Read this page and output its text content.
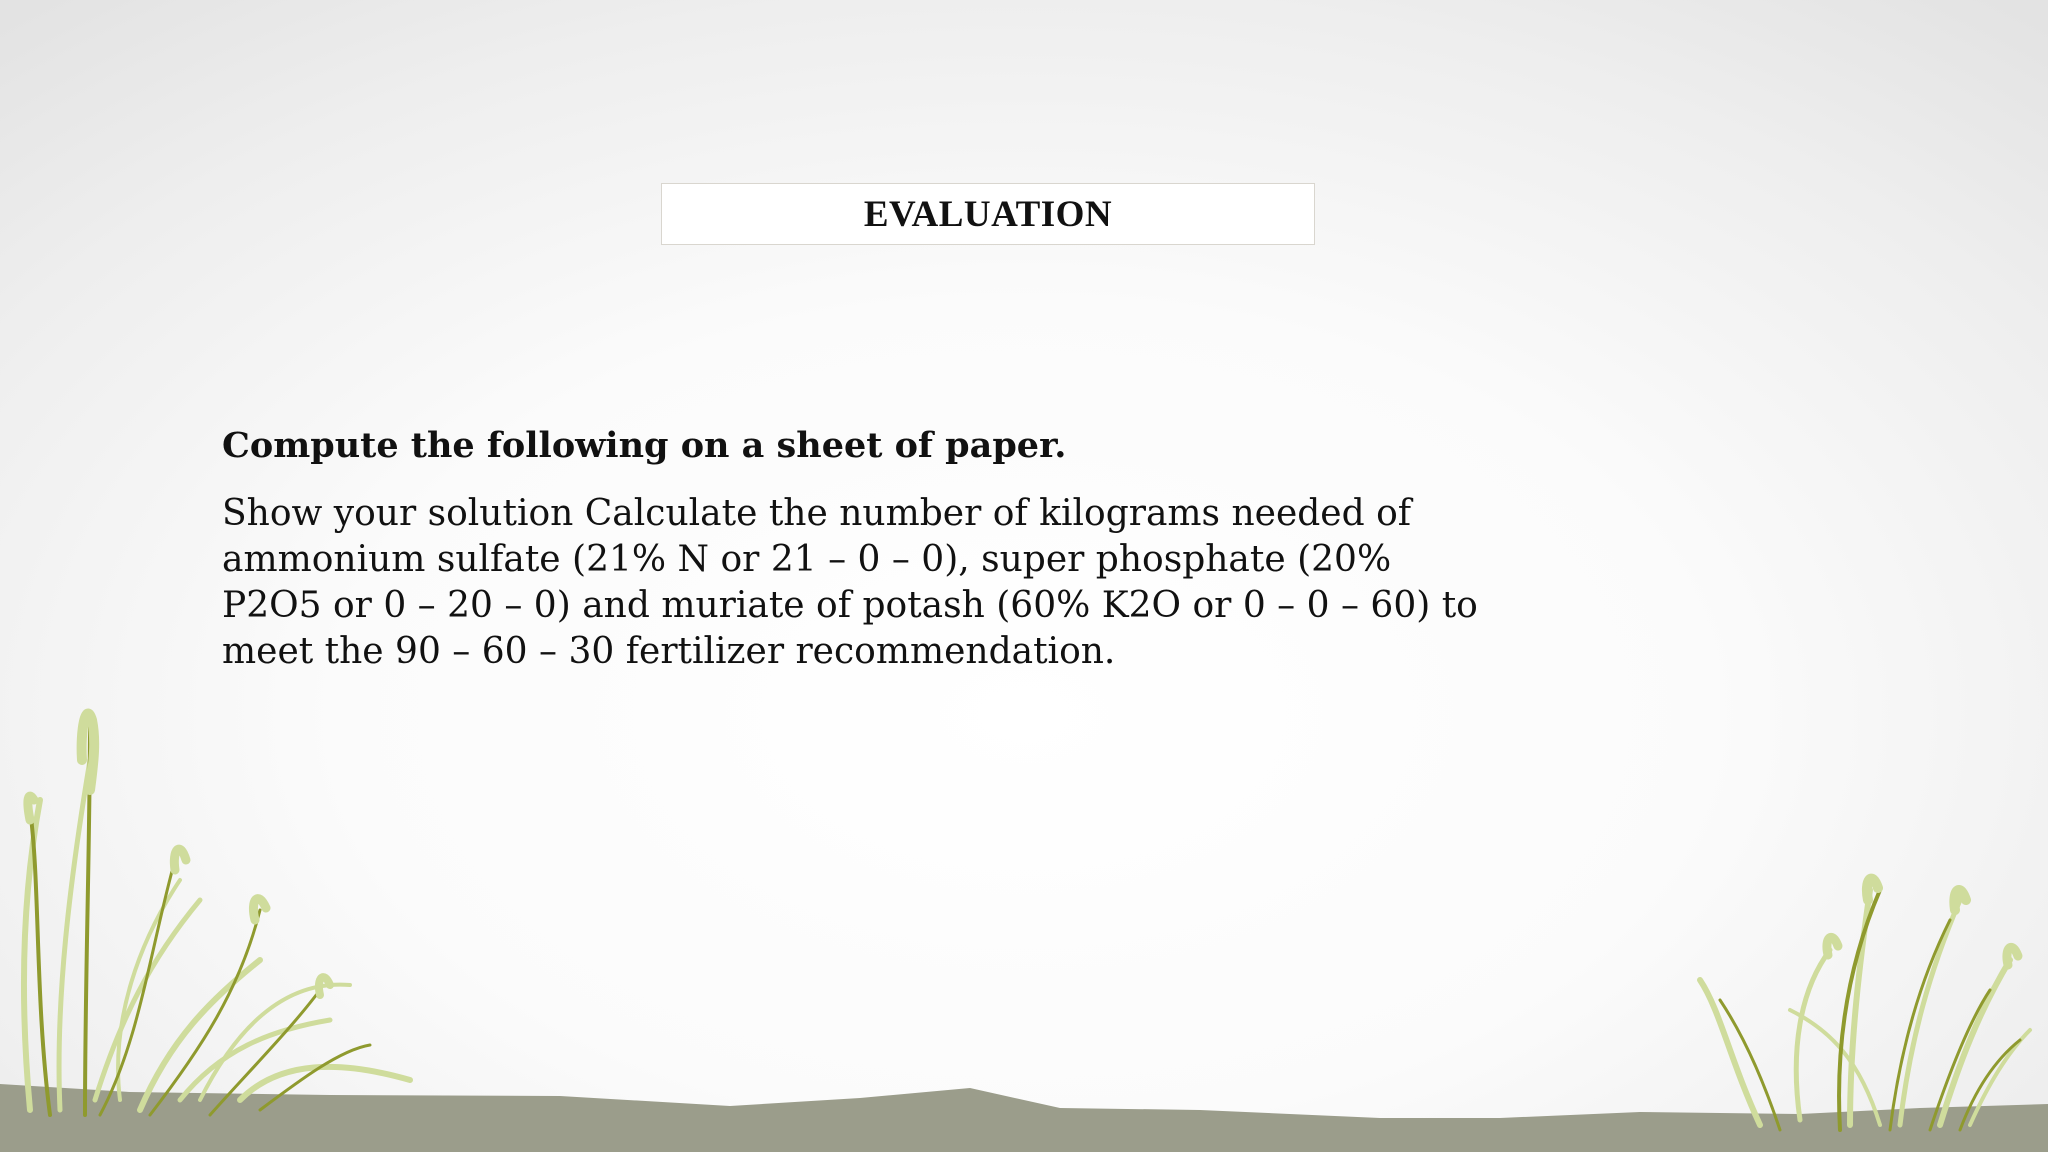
EVALUATION
Compute the following on a sheet of paper.
Show your solution Calculate the number of kilograms needed of
ammonium sulfate (21% N or 21 – 0 – 0), super phosphate (20%
P2O5 or 0 – 20 – 0) and muriate of potash (60% K2O or 0 – 0 – 60) to
meet the 90 – 60 – 30 fertilizer recommendation.
